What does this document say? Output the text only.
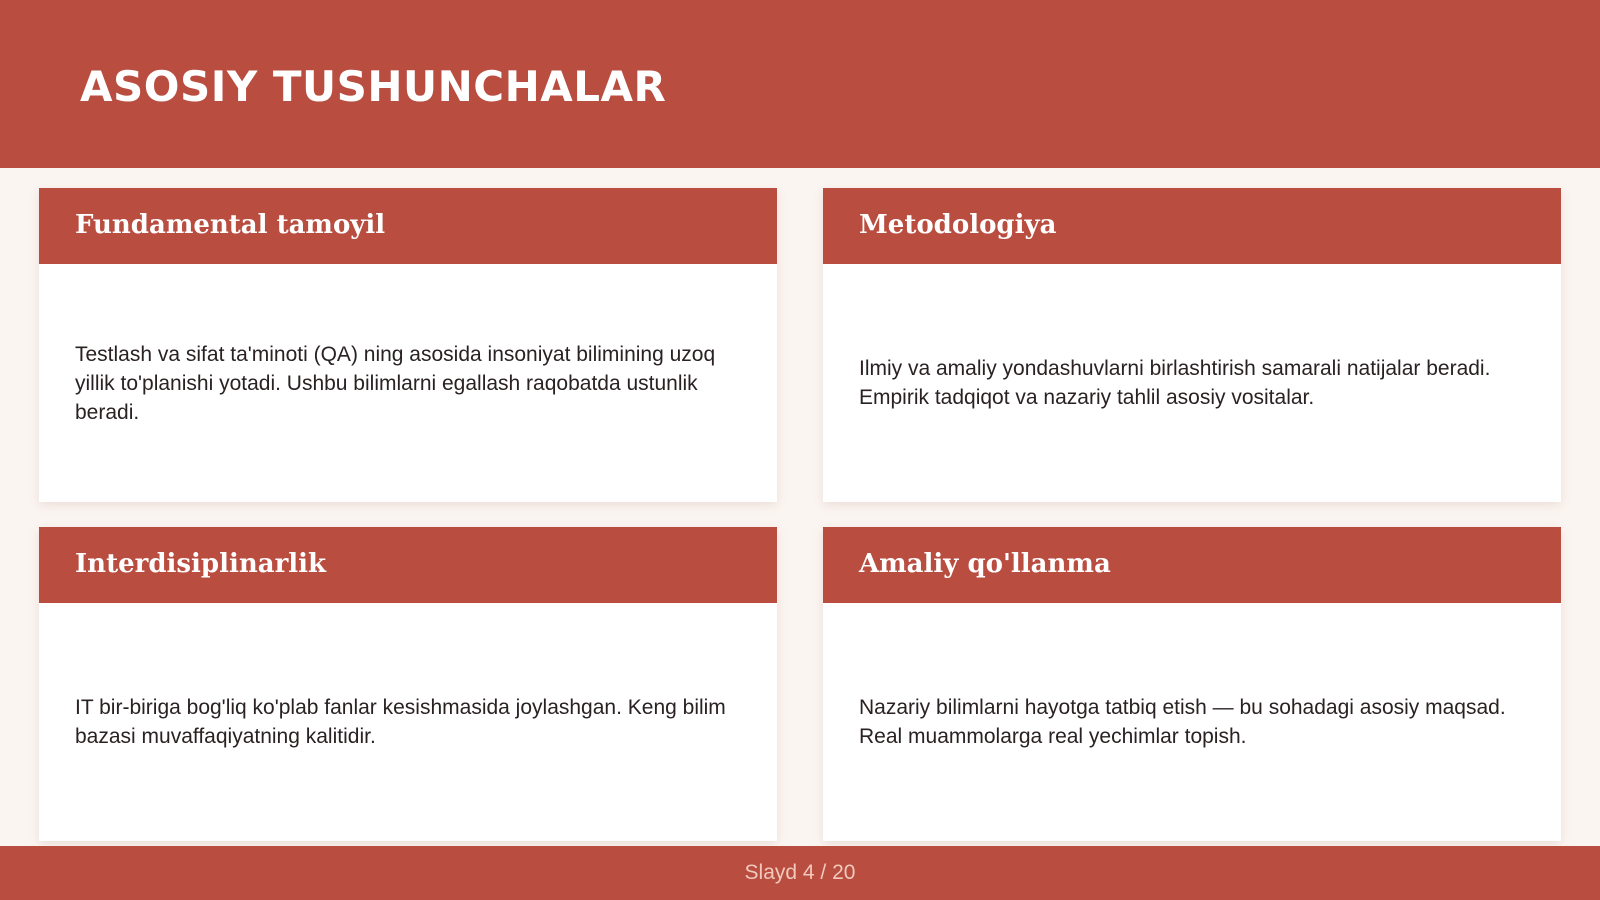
ASOSIY TUSHUNCHALAR
Fundamental tamoyil

Testlash va sifat ta'minoti (QA) ning asosida insoniyat bilimining uzoq yillik to'planishi yotadi. Ushbu bilimlarni egallash raqobatda ustunlik beradi.

Metodologiya

Ilmiy va amaliy yondashuvlarni birlashtirish samarali natijalar beradi. Empirik tadqiqot va nazariy tahlil asosiy vositalar.

Interdisiplinarlik

IT bir-biriga bog'liq ko'plab fanlar kesishmasida joylashgan. Keng bilim bazasi muvaffaqiyatning kalitidir.

Amaliy qo'llanma

Nazariy bilimlarni hayotga tatbiq etish — bu sohadagi asosiy maqsad. Real muammolarga real yechimlar topish.

Slayd 4 / 20
